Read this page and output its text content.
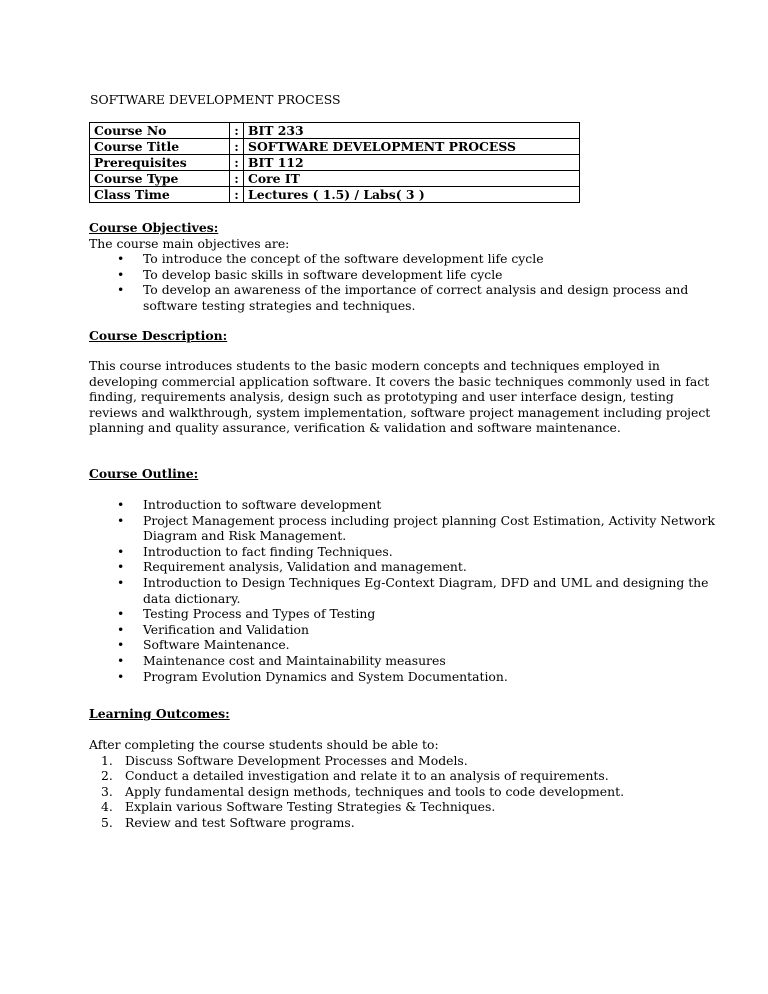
SOFTWARE DEVELOPMENT PROCESS
Course No	:	BIT 233
Course Title	:	SOFTWARE DEVELOPMENT PROCESS
Prerequisites	:	BIT 112
Course Type	:	Core IT
Class Time	:	Lectures ( 1.5) / Labs( 3 )

Course Objectives:

The course main objectives are:

• To introduce the concept of the software development life cycle
• To develop basic skills in software development life cycle
• To develop an awareness of the importance of correct analysis and design process and software testing strategies and techniques.

Course Description:

This course introduces students to the basic modern concepts and techniques employed in developing commercial application software. It covers the basic techniques commonly used in fact finding, requirements analysis, design such as prototyping and user interface design, testing reviews and walkthrough, system implementation, software project management including project planning and quality assurance, verification & validation and software maintenance.

Course Outline:

• Introduction to software development
• Project Management process including project planning Cost Estimation, Activity Network Diagram and Risk Management.
• Introduction to fact finding Techniques.
• Requirement analysis, Validation and management.
• Introduction to Design Techniques Eg-Context Diagram, DFD and UML and designing the data dictionary.
• Testing Process and Types of Testing
• Verification and Validation
• Software Maintenance.
• Maintenance cost and Maintainability measures
• Program Evolution Dynamics and System Documentation.

Learning Outcomes:

After completing the course students should be able to:

1. Discuss Software Development Processes and Models.
2. Conduct a detailed investigation and relate it to an analysis of requirements.
3. Apply fundamental design methods, techniques and tools to code development.
4. Explain various Software Testing Strategies & Techniques.
5. Review and test Software programs.
